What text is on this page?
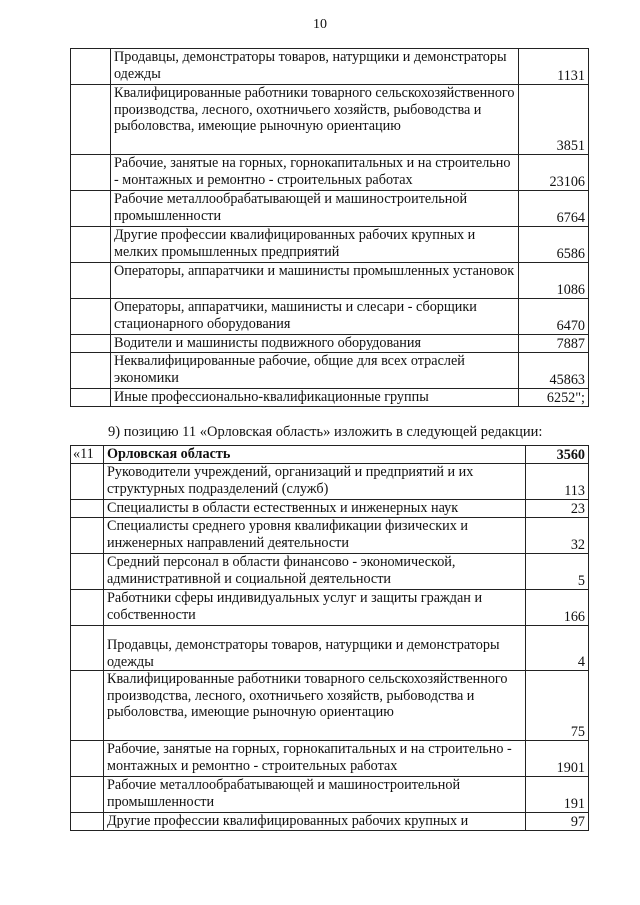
10
	Продавцы, демонстраторы товаров, натурщики и демонстраторы одежды	1131
	Квалифицированные работники товарного сельскохозяйственного производства, лесного, охотничьего хозяйств, рыбоводства и рыболовства, имеющие рыночную ориентацию	3851
	Рабочие, занятые на горных, горнокапитальных и на строительно - монтажных и ремонтно - строительных работах	23106
	Рабочие металлообрабатывающей и машиностроительной промышленности	6764
	Другие профессии квалифицированных рабочих крупных и мелких промышленных предприятий	6586
	Операторы, аппаратчики и машинисты промышленных установок	1086
	Операторы, аппаратчики, машинисты и слесари - сборщики стационарного оборудования	6470
	Водители и машинисты подвижного оборудования	7887
	Неквалифицированные рабочие, общие для всех отраслей экономики	45863
	Иные профессионально-квалификационные группы	6252";
9) позицию 11 «Орловская область» изложить в следующей редакции:
«11	Орловская область	3560
	Руководители учреждений, организаций и предприятий и их структурных подразделений (служб)	113
	Специалисты в области естественных и инженерных наук	23
	Специалисты среднего уровня квалификации физических и инженерных направлений деятельности	32
	Средний персонал в области финансово - экономической, административной и социальной деятельности	5
	Работники сферы индивидуальных услуг и защиты граждан и собственности	166
	Продавцы, демонстраторы товаров, натурщики и демонстраторы одежды	4
	Квалифицированные работники товарного сельскохозяйственного производства, лесного, охотничьего хозяйств, рыбоводства и рыболовства, имеющие рыночную ориентацию	75
	Рабочие, занятые на горных, горнокапитальных и на строительно - монтажных и ремонтно - строительных работах	1901
	Рабочие металлообрабатывающей и машиностроительной промышленности	191
	Другие профессии квалифицированных рабочих крупных и	97
